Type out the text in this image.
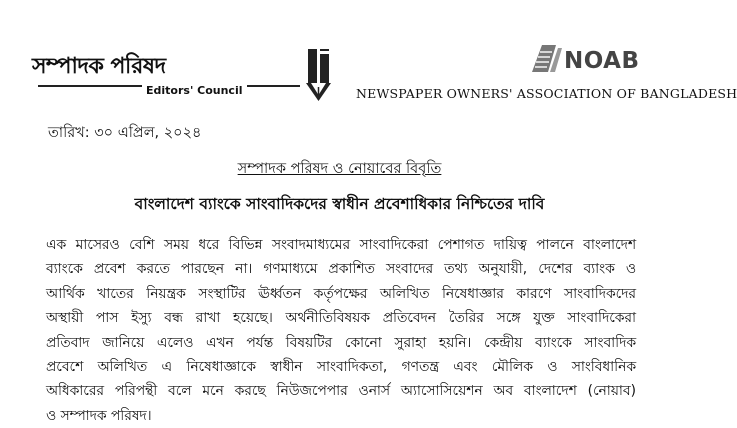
সম্পাদক পরিষদ
Editors' Council
NOAB
NEWSPAPER OWNERS' ASSOCIATION OF BANGLADESH
তারিখ: ৩০ এপ্রিল, ২০২৪
সম্পাদক পরিষদ ও নোয়াবের বিবৃতি
বাংলাদেশ ব্যাংকে সাংবাদিকদের স্বাধীন প্রবেশাধিকার নিশ্চিতের দাবি
এক মাসেরও বেশি সময় ধরে বিভিন্ন সংবাদমাধ্যমের সাংবাদিকেরা পেশাগত দায়িত্ব পালনে বাংলাদেশ
ব্যাংকে প্রবেশ করতে পারছেন না। গণমাধ্যমে প্রকাশিত সংবাদের তথ্য অনুযায়ী, দেশের ব্যাংক ও
আর্থিক খাতের নিয়ন্ত্রক সংস্থাটির ঊর্ধ্বতন কর্তৃপক্ষের অলিখিত নিষেধাজ্ঞার কারণে সাংবাদিকদের
অস্থায়ী পাস ইস্যু বন্ধ রাখা হয়েছে। অর্থনীতিবিষয়ক প্রতিবেদন তৈরির সঙ্গে যুক্ত সাংবাদিকেরা
প্রতিবাদ জানিয়ে এলেও এখন পর্যন্ত বিষয়টির কোনো সুরাহা হয়নি। কেন্দ্রীয় ব্যাংকে সাংবাদিক
প্রবেশে অলিখিত এ নিষেধাজ্ঞাকে স্বাধীন সাংবাদিকতা, গণতন্ত্র এবং মৌলিক ও সাংবিধানিক
অধিকারের পরিপন্থী বলে মনে করছে নিউজপেপার ওনার্স অ্যাসোসিয়েশন অব বাংলাদেশ (নোয়াব)
ও সম্পাদক পরিষদ।
